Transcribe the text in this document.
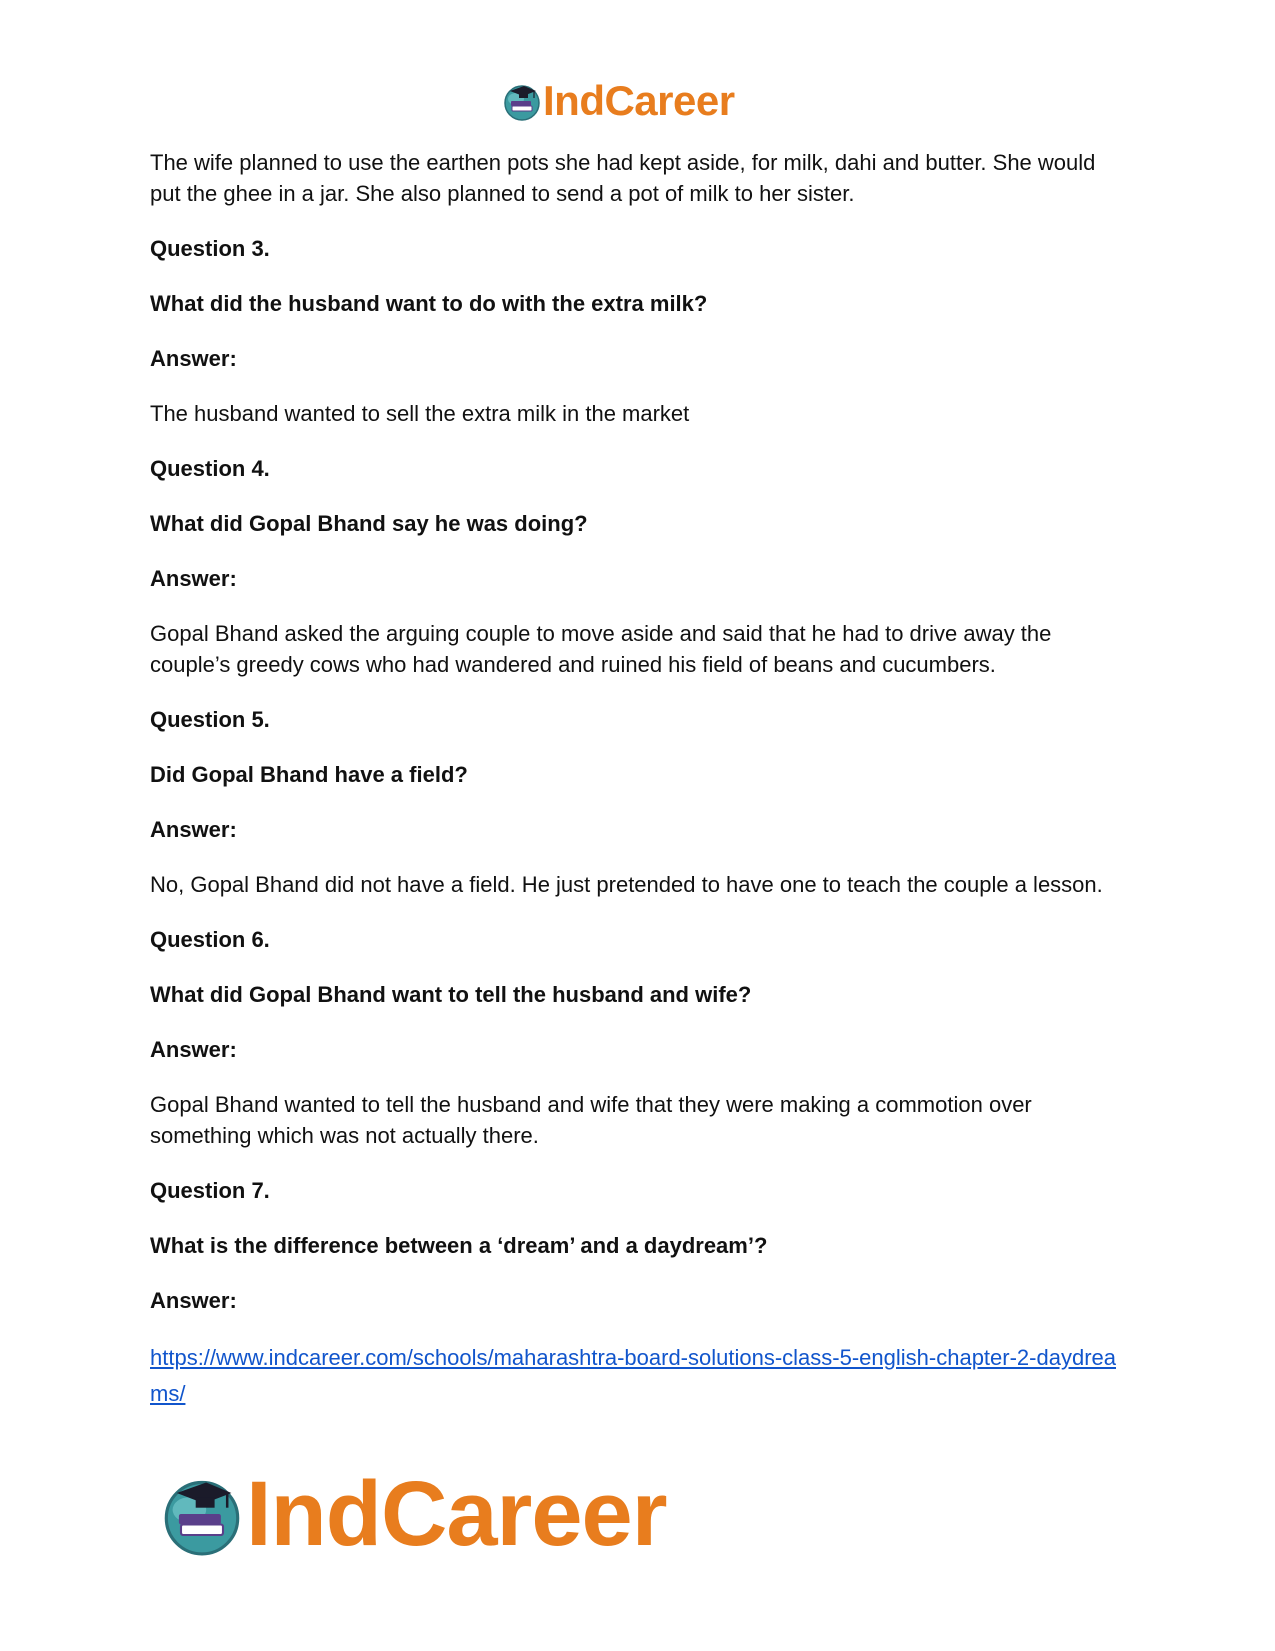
IndCareer

The wife planned to use the earthen pots she had kept aside, for milk, dahi and butter. She would put the ghee in a jar. She also planned to send a pot of milk to her sister.

Question 3.

What did the husband want to do with the extra milk?

Answer:

The husband wanted to sell the extra milk in the market

Question 4.

What did Gopal Bhand say he was doing?

Answer:

Gopal Bhand asked the arguing couple to move aside and said that he had to drive away the couple’s greedy cows who had wandered and ruined his field of beans and cucumbers.

Question 5.

Did Gopal Bhand have a field?

Answer:

No, Gopal Bhand did not have a field. He just pretended to have one to teach the couple a lesson.

Question 6.

What did Gopal Bhand want to tell the husband and wife?

Answer:

Gopal Bhand wanted to tell the husband and wife that they were making a commotion over something which was not actually there.

Question 7.

What is the difference between a ‘dream’ and a daydream’?

Answer:

https://www.indcareer.com/schools/maharashtra-board-solutions-class-5-english-chapter-2-daydreams/
IndCareer
